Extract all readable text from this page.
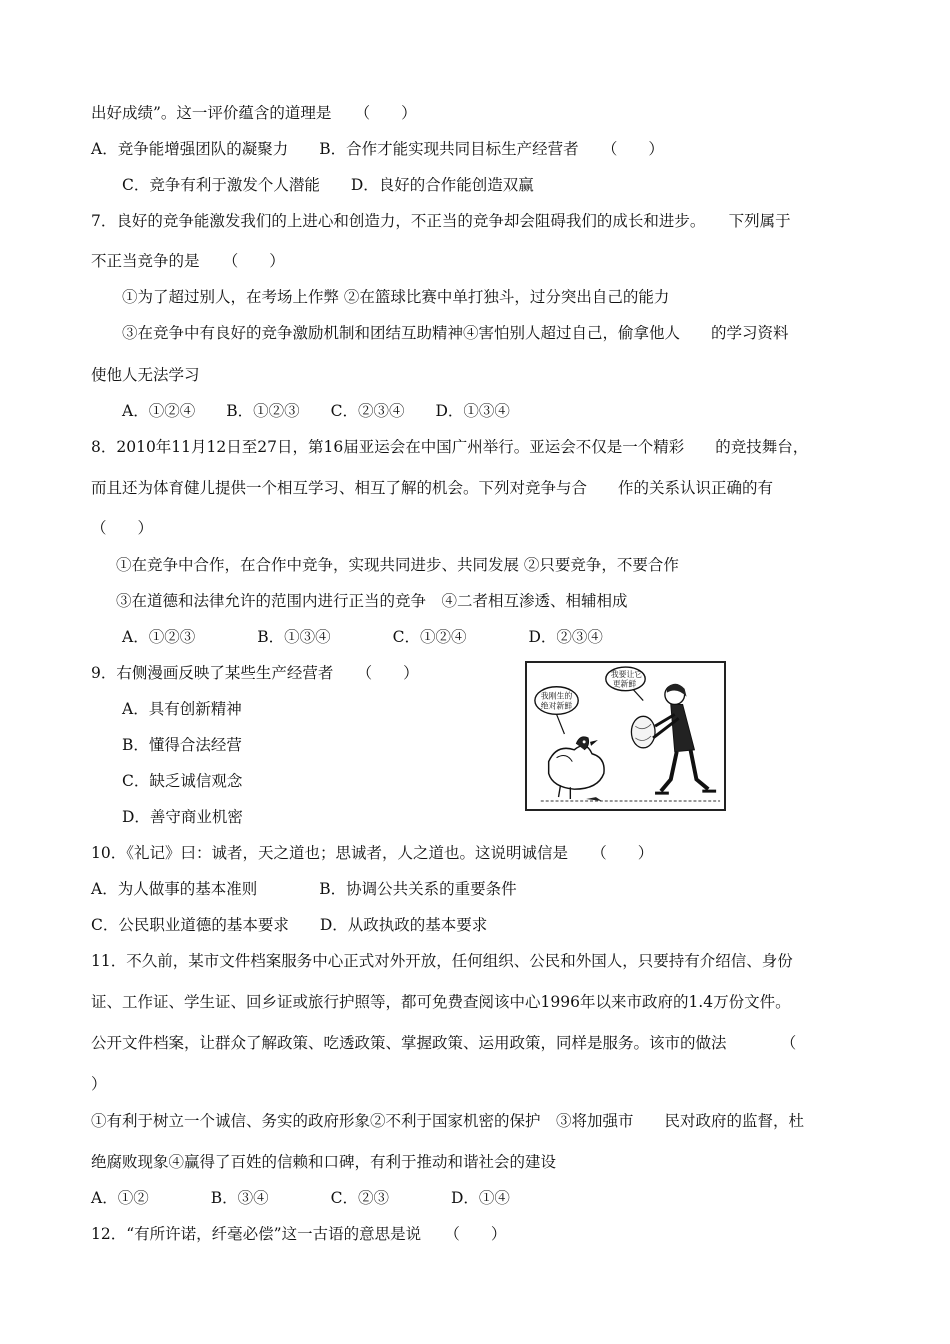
出好成绩”。这一评价蕴含的道理是　　（　　）
A．竞争能增强团队的凝聚力　　B．合作才能实现共同目标生产经营者　　（　　）
C．竞争有利于激发个人潜能　　D．良好的合作能创造双赢
7．良好的竞争能激发我们的上进心和创造力，不正当的竞争却会阻碍我们的成长和进步。　　下列属于
不正当竞争的是　　（　　）
①为了超过别人，在考场上作弊 ②在篮球比赛中单打独斗，过分突出自己的能力
③在竞争中有良好的竞争激励机制和团结互助精神④害怕别人超过自己，偷拿他人　　的学习资料
使他人无法学习
A．①②④　　B．①②③　　C．②③④　　D．①③④
8．2010年11月12日至27日，第16届亚运会在中国广州举行。亚运会不仅是一个精彩　　的竞技舞台，
而且还为体育健儿提供一个相互学习、相互了解的机会。下列对竞争与合　　作的关系认识正确的有
（　　）
①在竞争中合作，在合作中竞争，实现共同进步、共同发展 ②只要竞争，不要合作
③在道德和法律允许的范围内进行正当的竞争　④二者相互渗透、相辅相成
A．①②③　　　　B．①③④　　　　C．①②④　　　　D．②③④
9．右侧漫画反映了某些生产经营者　　（　　）
A．具有创新精神
B．懂得合法经营
C．缺乏诚信观念
D．善守商业机密
10．《礼记》曰：诚者，天之道也；思诚者，人之道也。这说明诚信是　　（　　）
A．为人做事的基本准则　　　　B．协调公共关系的重要条件
C．公民职业道德的基本要求　　D．从政执政的基本要求
11．不久前，某市文件档案服务中心正式对外开放，任何组织、公民和外国人，只要持有介绍信、身份
证、工作证、学生证、回乡证或旅行护照等，都可免费查阅该中心1996年以来市政府的1.4万份文件。
公开文件档案，让群众了解政策、吃透政策、掌握政策、运用政策，同样是服务。该市的做法　　　　（
）
①有利于树立一个诚信、务实的政府形象②不利于国家机密的保护　③将加强市　　民对政府的监督，杜
绝腐败现象④赢得了百姓的信赖和口碑，有利于推动和谐社会的建设
A．①②　　　　B．③④　　　　C．②③　　　　D．①④
12．“有所许诺，纤毫必偿”这一古语的意思是说　　（　　）
我刚生的
绝对新鲜
我要让它
更新鲜
